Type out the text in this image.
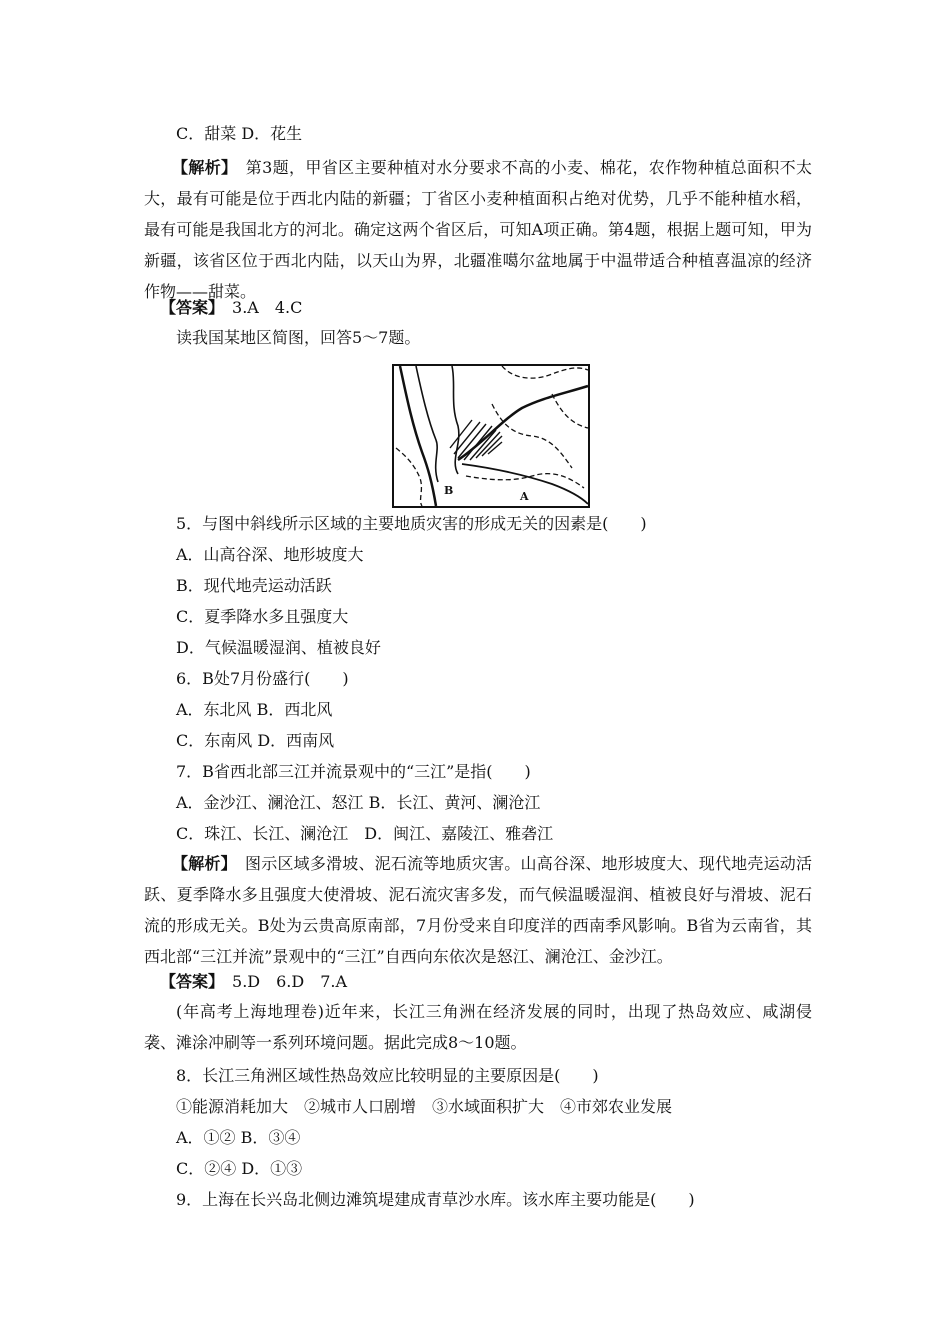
C．甜菜 D．花生
【解析】　 第3题，甲省区主要种植对水分要求不高的小麦、棉花，农作物种植总面积不太大，最有可能是位于西北内陆的新疆；丁省区小麦种植面积占绝对优势，几乎不能种植水稻，最有可能是我国北方的河北。确定这两个省区后，可知A项正确。第4题，根据上题可知，甲为新疆，该省区位于西北内陆，以天山为界，北疆准噶尔盆地属于中温带适合种植喜温凉的经济作物——甜菜。
【答案】　 3.A　4.C
读我国某地区简图，回答5～7题。
B	A
5．与图中斜线所示区域的主要地质灾害的形成无关的因素是(　　)
A．山高谷深、地形坡度大
B．现代地壳运动活跃
C．夏季降水多且强度大
D．气候温暖湿润、植被良好
6．B处7月份盛行(　　)
A．东北风 B．西北风
C．东南风 D．西南风
7．B省西北部三江并流景观中的“三江”是指(　　)
A．金沙江、澜沧江、怒江 B．长江、黄河、澜沧江
C．珠江、长江、澜沧江　D．闽江、嘉陵江、雅砻江
【解析】　 图示区域多滑坡、泥石流等地质灾害。山高谷深、地形坡度大、现代地壳运动活跃、夏季降水多且强度大使滑坡、泥石流灾害多发，而气候温暖湿润、植被良好与滑坡、泥石流的形成无关。B处为云贵高原南部，7月份受来自印度洋的西南季风影响。B省为云南省，其西北部“三江并流”景观中的“三江”自西向东依次是怒江、澜沧江、金沙江。
【答案】　 5.D　6.D　7.A
(年高考上海地理卷)近年来，长江三角洲在经济发展的同时，出现了热岛效应、咸湖侵袭、滩涂冲刷等一系列环境问题。据此完成8～10题。
8．长江三角洲区域性热岛效应比较明显的主要原因是(　　)
①能源消耗加大　②城市人口剧增　③水域面积扩大　④市郊农业发展
A．①② B．③④
C．②④ D．①③
9．上海在长兴岛北侧边滩筑堤建成青草沙水库。该水库主要功能是(　　)
